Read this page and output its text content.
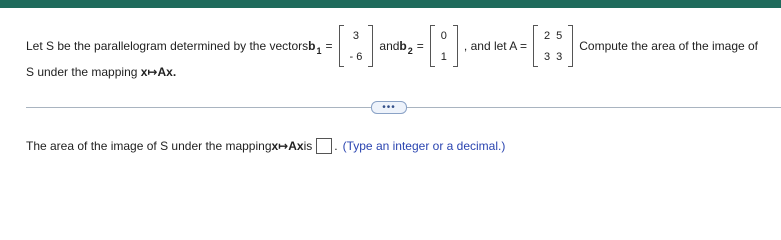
Let S be the parallelogram determined by the vectors $b_1$ =
3
- 6
and $b_2$ =
0
1
, and let A =
2 5
3 3
Compute the area of the image of
S under the mapping x↦Ax.
•••
The area of the image of S under the mapping x↦Ax is . (Type an integer or a decimal.)
